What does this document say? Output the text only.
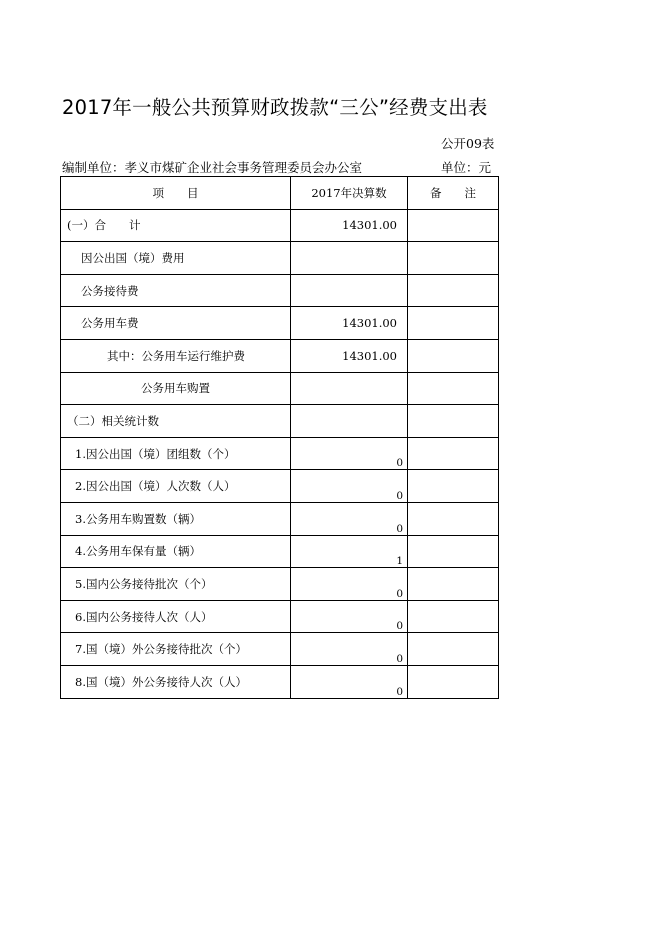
2017年一般公共预算财政拨款“三公”经费支出表
公开09表
编制单位：孝义市煤矿企业社会事务管理委员会办公室	单位：元
项　　目	2017年决算数	备　　注
(一）合　　计	14301.00	
因公出国（境）费用		
公务接待费		
公务用车费	14301.00	
其中：公务用车运行维护费	14301.00	
公务用车购置		
（二）相关统计数		
1.因公出国（境）团组数（个）	0	
2.因公出国（境）人次数（人）	0	
3.公务用车购置数（辆）	0	
4.公务用车保有量（辆）	1	
5.国内公务接待批次（个）	0	
6.国内公务接待人次（人）	0	
7.国（境）外公务接待批次（个）	0	
8.国（境）外公务接待人次（人）	0	
